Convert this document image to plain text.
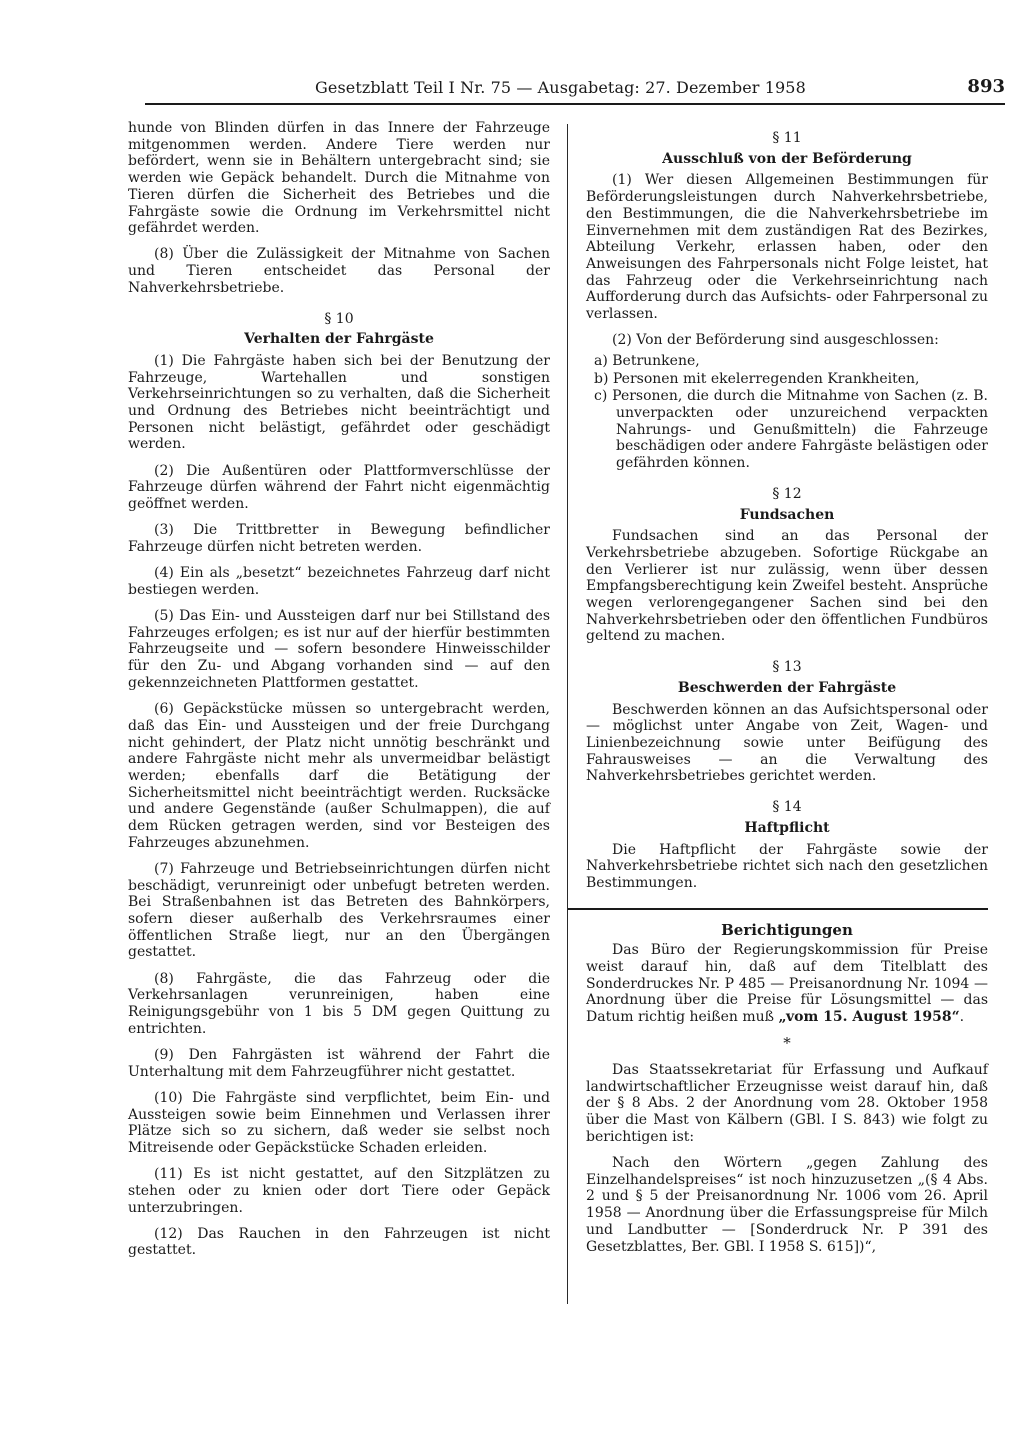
Gesetzblatt Teil I Nr. 75 — Ausgabetag: 27. Dezember 1958	893

hunde von Blinden dürfen in das Innere der Fahrzeuge mitgenommen werden. Andere Tiere werden nur befördert, wenn sie in Behältern untergebracht sind; sie werden wie Gepäck behandelt. Durch die Mitnahme von Tieren dürfen die Sicherheit des Betriebes und die Fahrgäste sowie die Ordnung im Verkehrsmittel nicht gefährdet werden.

(8) Über die Zulässigkeit der Mitnahme von Sachen und Tieren entscheidet das Personal der Nahverkehrsbetriebe.

§ 10
Verhalten der Fahrgäste

(1) Die Fahrgäste haben sich bei der Benutzung der Fahrzeuge, Wartehallen und sonstigen Verkehrseinrichtungen so zu verhalten, daß die Sicherheit und Ordnung des Betriebes nicht beeinträchtigt und Personen nicht belästigt, gefährdet oder geschädigt werden.

(2) Die Außentüren oder Plattformverschlüsse der Fahrzeuge dürfen während der Fahrt nicht eigenmächtig geöffnet werden.

(3) Die Trittbretter in Bewegung befindlicher Fahrzeuge dürfen nicht betreten werden.

(4) Ein als „besetzt“ bezeichnetes Fahrzeug darf nicht bestiegen werden.

(5) Das Ein- und Aussteigen darf nur bei Stillstand des Fahrzeuges erfolgen; es ist nur auf der hierfür bestimmten Fahrzeugseite und — sofern besondere Hinweisschilder für den Zu- und Abgang vorhanden sind — auf den gekennzeichneten Plattformen gestattet.

(6) Gepäckstücke müssen so untergebracht werden, daß das Ein- und Aussteigen und der freie Durchgang nicht gehindert, der Platz nicht unnötig beschränkt und andere Fahrgäste nicht mehr als unvermeidbar belästigt werden; ebenfalls darf die Betätigung der Sicherheitsmittel nicht beeinträchtigt werden. Rucksäcke und andere Gegenstände (außer Schulmappen), die auf dem Rücken getragen werden, sind vor Besteigen des Fahrzeuges abzunehmen.

(7) Fahrzeuge und Betriebseinrichtungen dürfen nicht beschädigt, verunreinigt oder unbefugt betreten werden. Bei Straßenbahnen ist das Betreten des Bahnkörpers, sofern dieser außerhalb des Verkehrsraumes einer öffentlichen Straße liegt, nur an den Übergängen gestattet.

(8) Fahrgäste, die das Fahrzeug oder die Verkehrsanlagen verunreinigen, haben eine Reinigungsgebühr von 1 bis 5 DM gegen Quittung zu entrichten.

(9) Den Fahrgästen ist während der Fahrt die Unterhaltung mit dem Fahrzeugführer nicht gestattet.

(10) Die Fahrgäste sind verpflichtet, beim Ein- und Aussteigen sowie beim Einnehmen und Verlassen ihrer Plätze sich so zu sichern, daß weder sie selbst noch Mitreisende oder Gepäckstücke Schaden erleiden.

(11) Es ist nicht gestattet, auf den Sitzplätzen zu stehen oder zu knien oder dort Tiere oder Gepäck unterzubringen.

(12) Das Rauchen in den Fahrzeugen ist nicht gestattet.

§ 11
Ausschluß von der Beförderung

(1) Wer diesen Allgemeinen Bestimmungen für Beförderungsleistungen durch Nahverkehrsbetriebe, den Bestimmungen, die die Nahverkehrsbetriebe im Einvernehmen mit dem zuständigen Rat des Bezirkes, Abteilung Verkehr, erlassen haben, oder den Anweisungen des Fahrpersonals nicht Folge leistet, hat das Fahrzeug oder die Verkehrseinrichtung nach Aufforderung durch das Aufsichts- oder Fahrpersonal zu verlassen.

(2) Von der Beförderung sind ausgeschlossen:

a) Betrunkene,

b) Personen mit ekelerregenden Krankheiten,

c) Personen, die durch die Mitnahme von Sachen (z. B. unverpackten oder unzureichend verpackten Nahrungs- und Genußmitteln) die Fahrzeuge beschädigen oder andere Fahrgäste belästigen oder gefährden können.

§ 12
Fundsachen

Fundsachen sind an das Personal der Verkehrsbetriebe abzugeben. Sofortige Rückgabe an den Verlierer ist nur zulässig, wenn über dessen Empfangsberechtigung kein Zweifel besteht. Ansprüche wegen verlorengegangener Sachen sind bei den Nahverkehrsbetrieben oder den öffentlichen Fundbüros geltend zu machen.

§ 13
Beschwerden der Fahrgäste

Beschwerden können an das Aufsichtspersonal oder — möglichst unter Angabe von Zeit, Wagen- und Linienbezeichnung sowie unter Beifügung des Fahrausweises — an die Verwaltung des Nahverkehrsbetriebes gerichtet werden.

§ 14
Haftpflicht

Die Haftpflicht der Fahrgäste sowie der Nahverkehrsbetriebe richtet sich nach den gesetzlichen Bestimmungen.

Berichtigungen

Das Büro der Regierungskommission für Preise weist darauf hin, daß auf dem Titelblatt des Sonderdruckes Nr. P 485 — Preisanordnung Nr. 1094 — Anordnung über die Preise für Lösungsmittel — das Datum richtig heißen muß „vom 15. August 1958“.

*

Das Staatssekretariat für Erfassung und Aufkauf landwirtschaftlicher Erzeugnisse weist darauf hin, daß der § 8 Abs. 2 der Anordnung vom 28. Oktober 1958 über die Mast von Kälbern (GBl. I S. 843) wie folgt zu berichtigen ist:

Nach den Wörtern „gegen Zahlung des Einzelhandelspreises“ ist noch hinzuzusetzen „(§ 4 Abs. 2 und § 5 der Preisanordnung Nr. 1006 vom 26. April 1958 — Anordnung über die Erfassungspreise für Milch und Landbutter — [Sonderdruck Nr. P 391 des Gesetzblattes, Ber. GBl. I 1958 S. 615])“,
